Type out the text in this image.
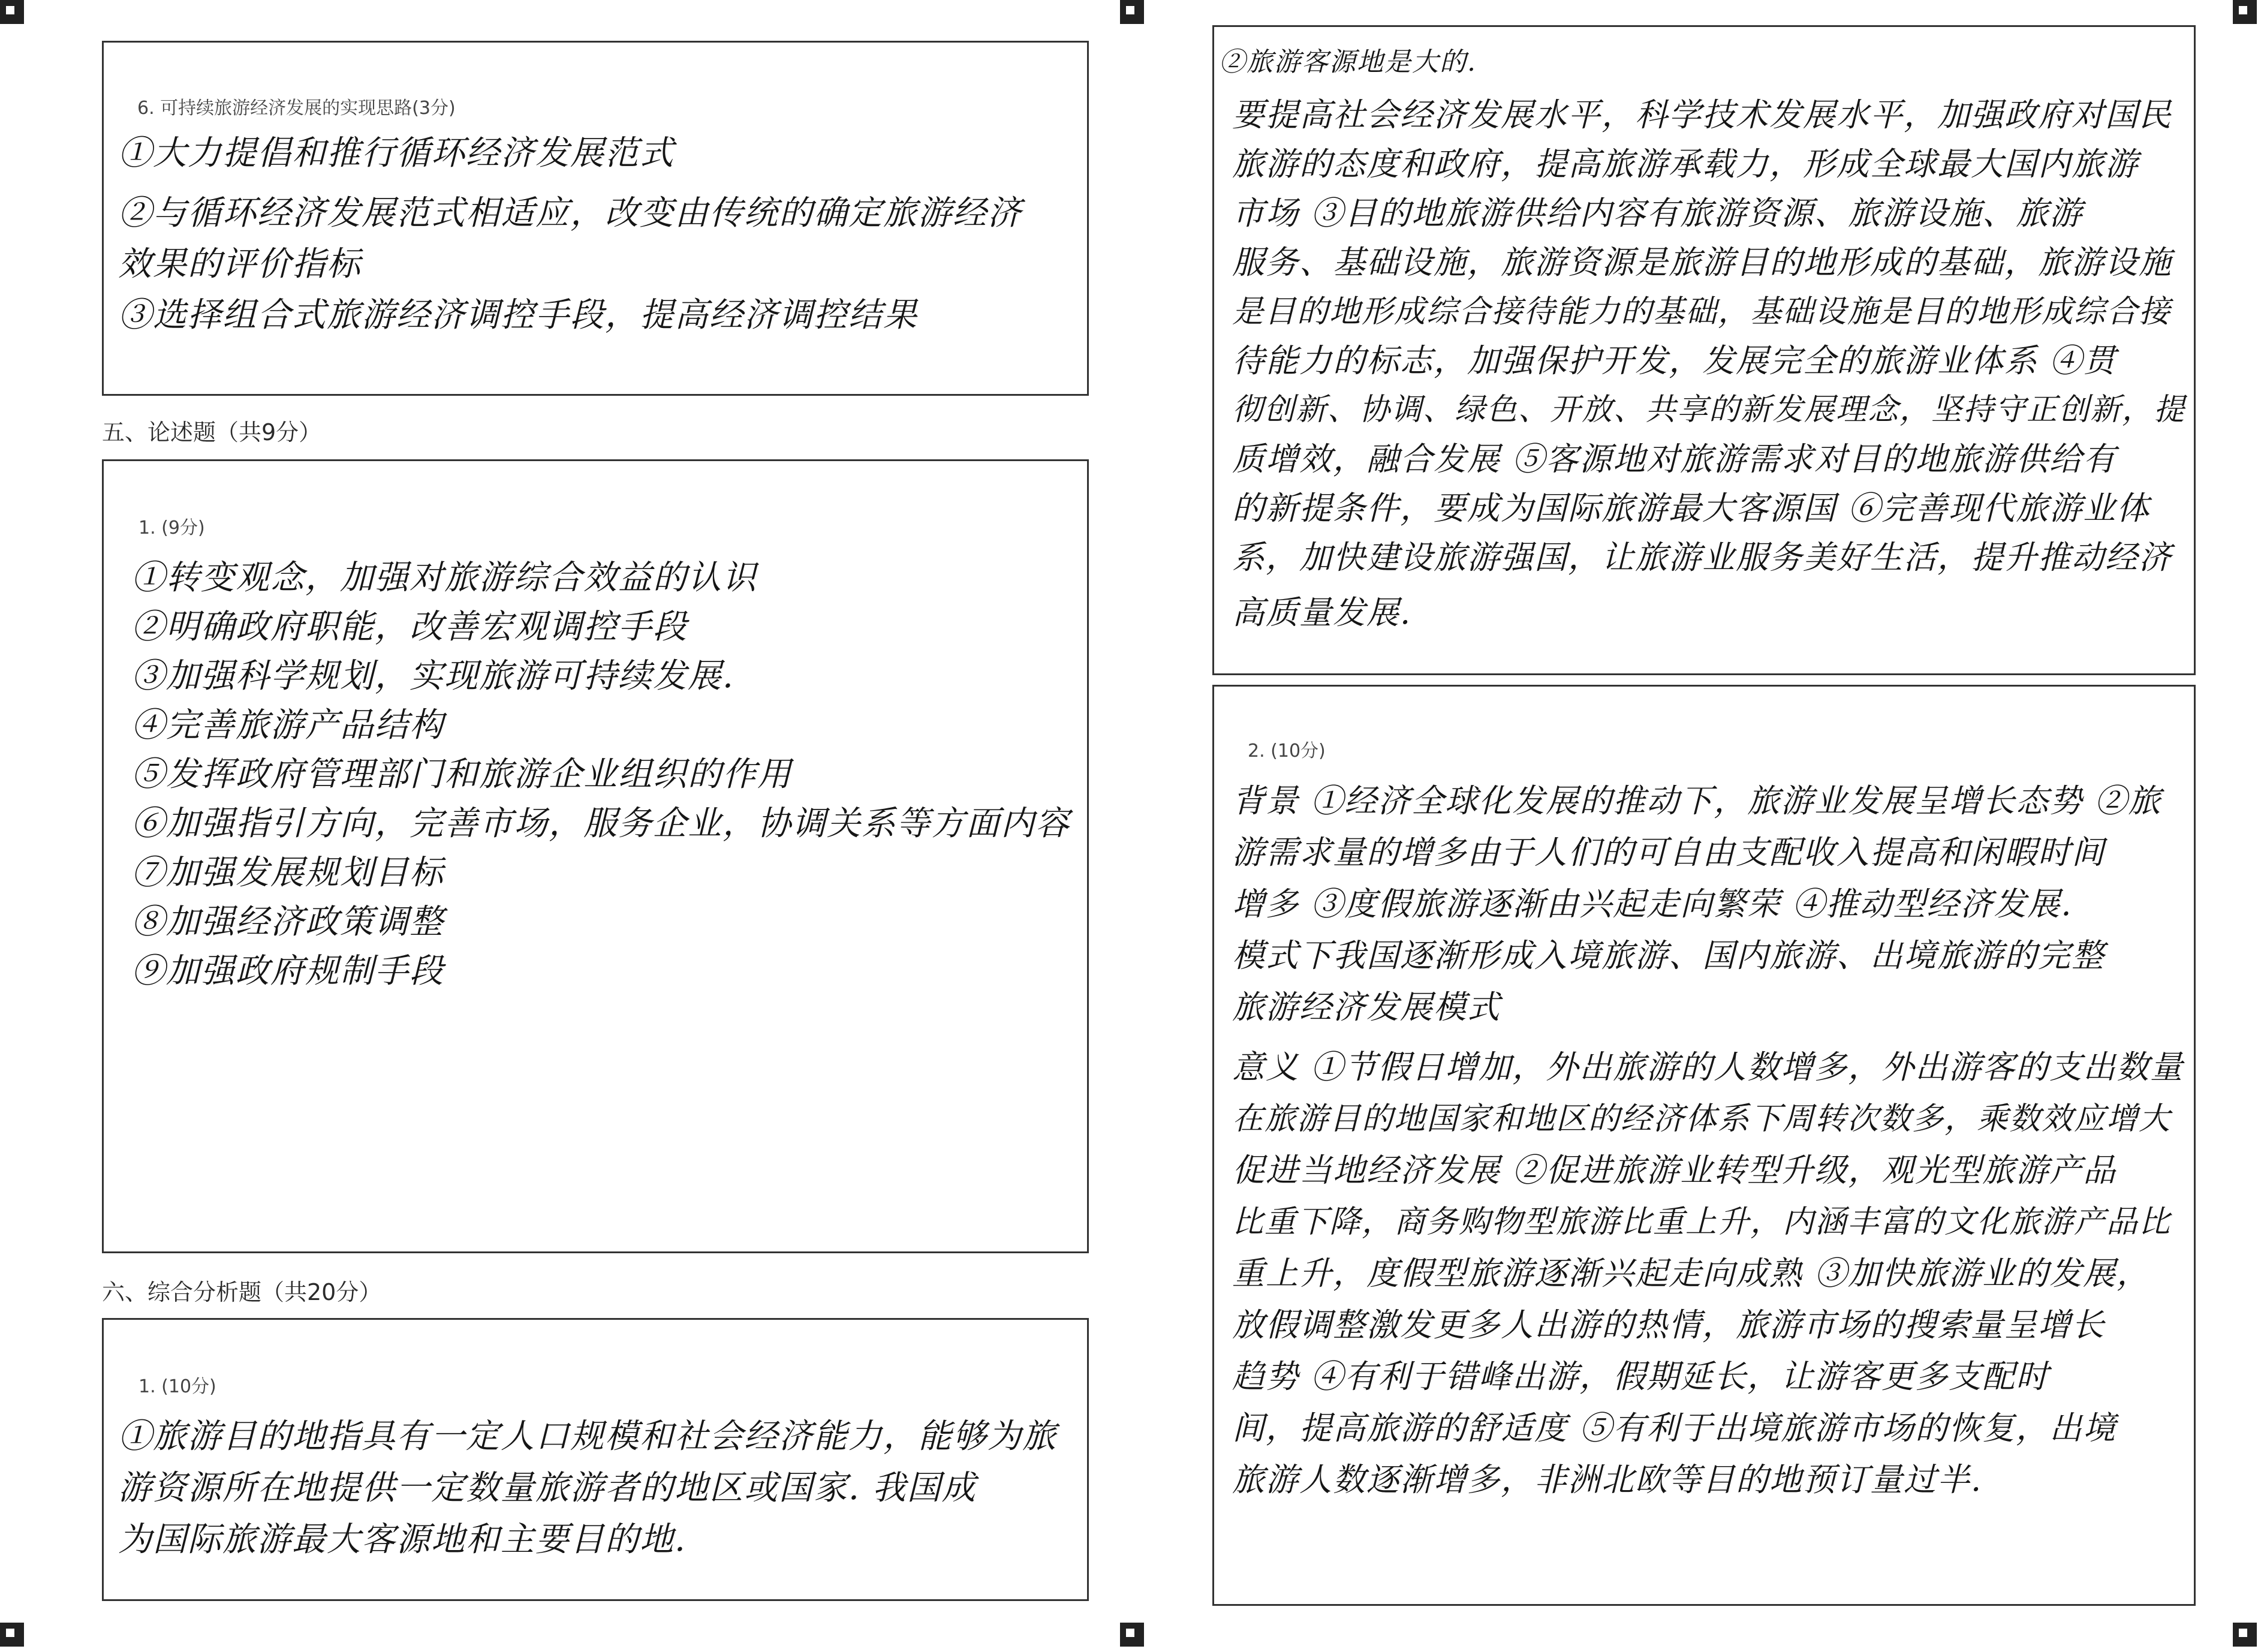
6. 可持续旅游经济发展的实现思路(3分)
①大力提倡和推行循环经济发展范式
②与循环经济发展范式相适应，改变由传统的确定旅游经济
效果的评价指标
③选择组合式旅游经济调控手段，提高经济调控结果
五、论述题（共9分）
1. (9分)
①转变观念，加强对旅游综合效益的认识
②明确政府职能，改善宏观调控手段
③加强科学规划，实现旅游可持续发展.
④完善旅游产品结构
⑤发挥政府管理部门和旅游企业组织的作用
⑥加强指引方向，完善市场，服务企业，协调关系等方面内容
⑦加强发展规划目标
⑧加强经济政策调整
⑨加强政府规制手段
六、综合分析题（共20分）
1. (10分)
①旅游目的地指具有一定人口规模和社会经济能力，能够为旅
游资源所在地提供一定数量旅游者的地区或国家. 我国成
为国际旅游最大客源地和主要目的地.
②旅游客源地是大的.
要提高社会经济发展水平，科学技术发展水平，加强政府对国民
旅游的态度和政府，提高旅游承载力，形成全球最大国内旅游
市场 ③目的地旅游供给内容有旅游资源、旅游设施、旅游
服务、基础设施，旅游资源是旅游目的地形成的基础，旅游设施
是目的地形成综合接待能力的基础，基础设施是目的地形成综合接
待能力的标志，加强保护开发，发展完全的旅游业体系 ④贯
彻创新、协调、绿色、开放、共享的新发展理念，坚持守正创新，提
质增效，融合发展 ⑤客源地对旅游需求对目的地旅游供给有
的新提条件，要成为国际旅游最大客源国 ⑥完善现代旅游业体
系，加快建设旅游强国，让旅游业服务美好生活，提升推动经济
高质量发展.
2. (10分)
背景 ①经济全球化发展的推动下，旅游业发展呈增长态势 ②旅
游需求量的增多由于人们的可自由支配收入提高和闲暇时间
增多 ③度假旅游逐渐由兴起走向繁荣 ④推动型经济发展.
模式下我国逐渐形成入境旅游、国内旅游、出境旅游的完整
旅游经济发展模式
意义 ①节假日增加，外出旅游的人数增多，外出游客的支出数量
在旅游目的地国家和地区的经济体系下周转次数多，乘数效应增大
促进当地经济发展 ②促进旅游业转型升级，观光型旅游产品
比重下降，商务购物型旅游比重上升，内涵丰富的文化旅游产品比
重上升，度假型旅游逐渐兴起走向成熟 ③加快旅游业的发展，
放假调整激发更多人出游的热情，旅游市场的搜索量呈增长
趋势 ④有利于错峰出游，假期延长，让游客更多支配时
间，提高旅游的舒适度 ⑤有利于出境旅游市场的恢复，出境
旅游人数逐渐增多，非洲北欧等目的地预订量过半.
